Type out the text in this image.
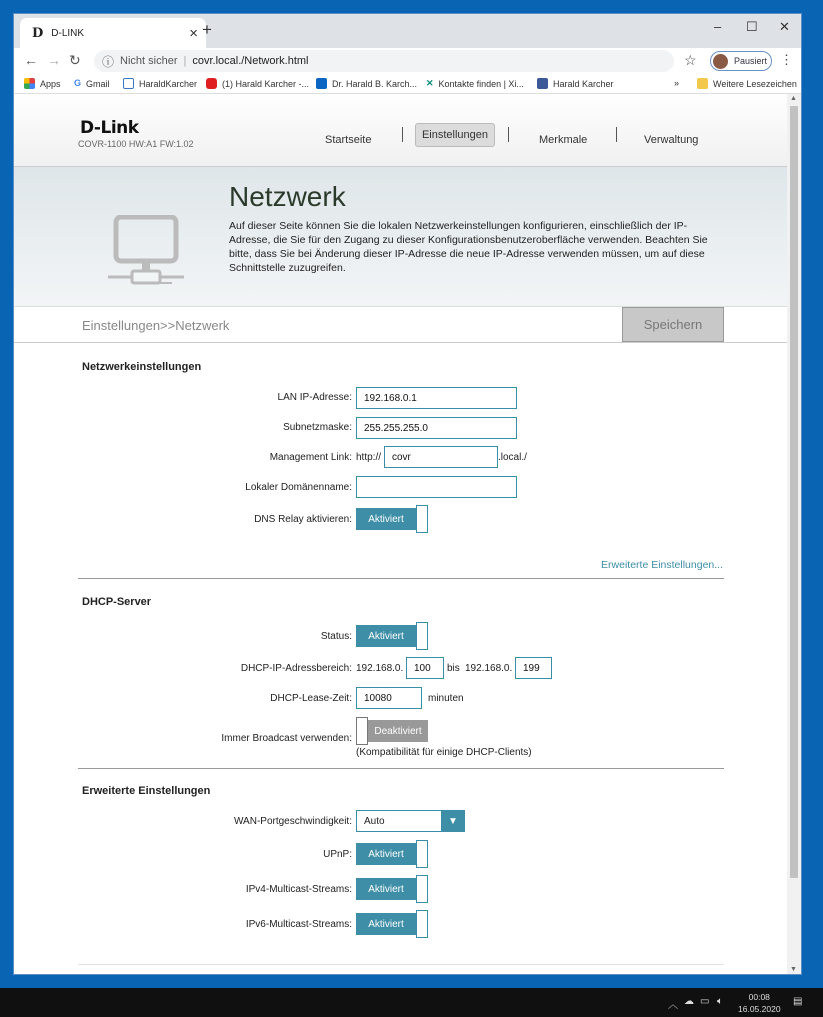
D D-LINK	× +	– ☐ ✕
← → ↻ ⓘ Nicht sicher | covr.local./Network.html	☆	Pausiert ⋮
Apps G Gmail	HaraldKarcher	(1) Harald Karcher -...	Dr. Harald B. Karch... ✕ Kontakte finden | Xi...	Harald Karcher	»	Weitere Lesezeichen
D-Link
COVR-1100 HW:A1 FW:1.02	Startseite	Einstellungen	Merkmale	Verwaltung
Netzwerk

Auf dieser Seite können Sie die lokalen Netzwerkeinstellungen konfigurieren, einschließlich der IP-Adresse, die Sie für den Zugang zu dieser Konfigurationsbenutzeroberfläche verwenden. Beachten Sie bitte, dass Sie bei Änderung dieser IP-Adresse die neue IP-Adresse verwenden müssen, um auf diese Schnittstelle zuzugreifen.

Einstellungen>>Netzwerk	Speichern
Netzwerkeinstellungen
LAN IP-Adresse:	192.168.0.1
Subnetzmaske:	255.255.255.0
Management Link: http://	covr	.local./
Lokaler Domänenname:
DNS Relay aktivieren:	Aktiviert
Erweiterte Einstellungen...
DHCP-Server
Status:	Aktiviert
DHCP-IP-Adressbereich: 192.168.0.	100	bis 192.168.0.	199
DHCP-Lease-Zeit:	10080	minuten
Immer Broadcast verwenden:
Deaktiviert
(Kompatibilität für einige DHCP-Clients)
Erweiterte Einstellungen
WAN-Portgeschwindigkeit: Auto	▼
UPnP:	Aktiviert
IPv4-Multicast-Streams:	Aktiviert
IPv6-Multicast-Streams:	Aktiviert
▲
▼
︿ ☁ ▭ 🔈︎	00:08
16.05.2020
▤
